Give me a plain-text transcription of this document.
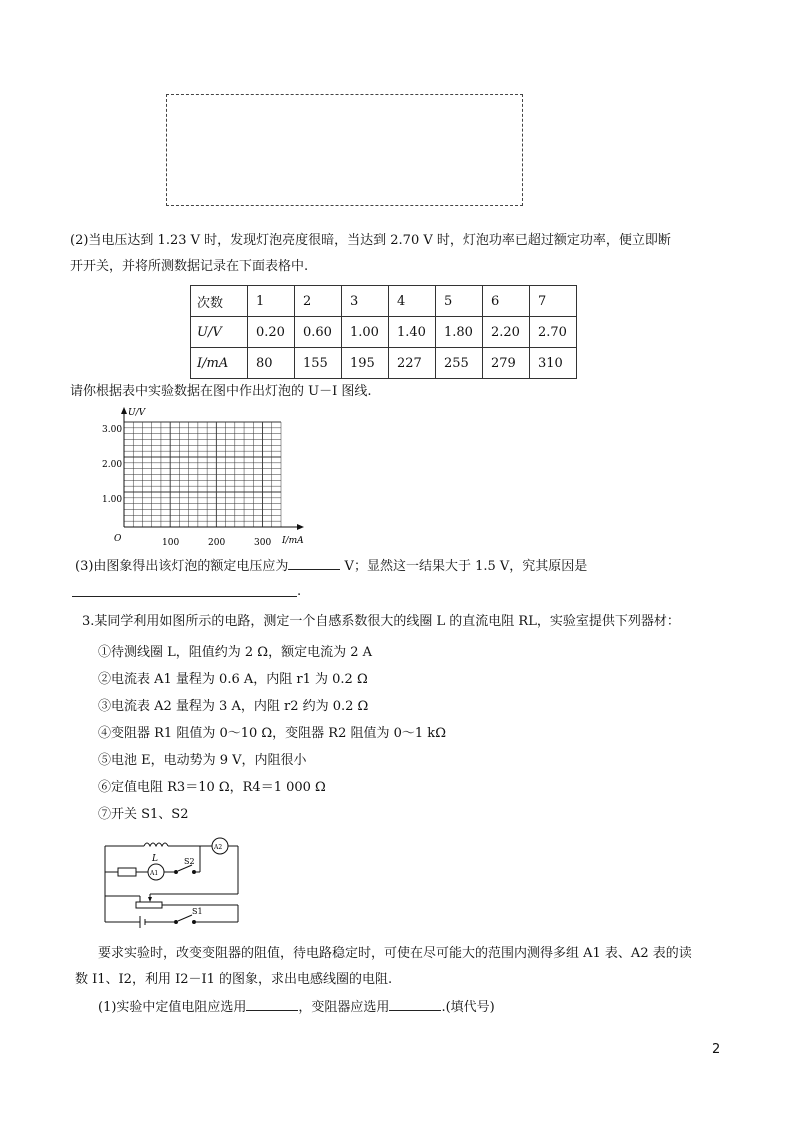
(2)当电压达到 1.23 V 时，发现灯泡亮度很暗，当达到 2.70 V 时，灯泡功率已超过额定功率，便立即断
开开关，并将所测数据记录在下面表格中.
次数	1	2	3	4	5	6	7
U/V	0.20	0.60	1.00	1.40	1.80	2.20	2.70
I/mA	80	155	195	227	255	279	310
请你根据表中实验数据在图中作出灯泡的 U－I 图线.
U/V
I/mA
O
3.00
2.00
1.00
100	200	300
(3)由图象得出该灯泡的额定电压应为	V；显然这一结果大于 1.5 V，究其原因是
.
3.某同学利用如图所示的电路，测定一个自感系数很大的线圈 L 的直流电阻 RL，实验室提供下列器材：
①待测线圈 L，阻值约为 2 Ω，额定电流为 2 A
②电流表 A1 量程为 0.6 A，内阻 r1 为 0.2 Ω
③电流表 A2 量程为 3 A，内阻 r2 约为 0.2 Ω
④变阻器 R1 阻值为 0～10 Ω，变阻器 R2 阻值为 0～1 kΩ
⑤电池 E，电动势为 9 V，内阻很小
⑥定值电阻 R3＝10 Ω，R4＝1 000 Ω
⑦开关 S1、S2
L
A2
A1
S2
S1
要求实验时，改变变阻器的阻值，待电路稳定时，可使在尽可能大的范围内测得多组 A1 表、A2 表的读
数 I1、I2，利用 I2－I1 的图象，求出电感线圈的电阻.
(1)实验中定值电阻应选用	，变阻器应选用	.(填代号)
2
